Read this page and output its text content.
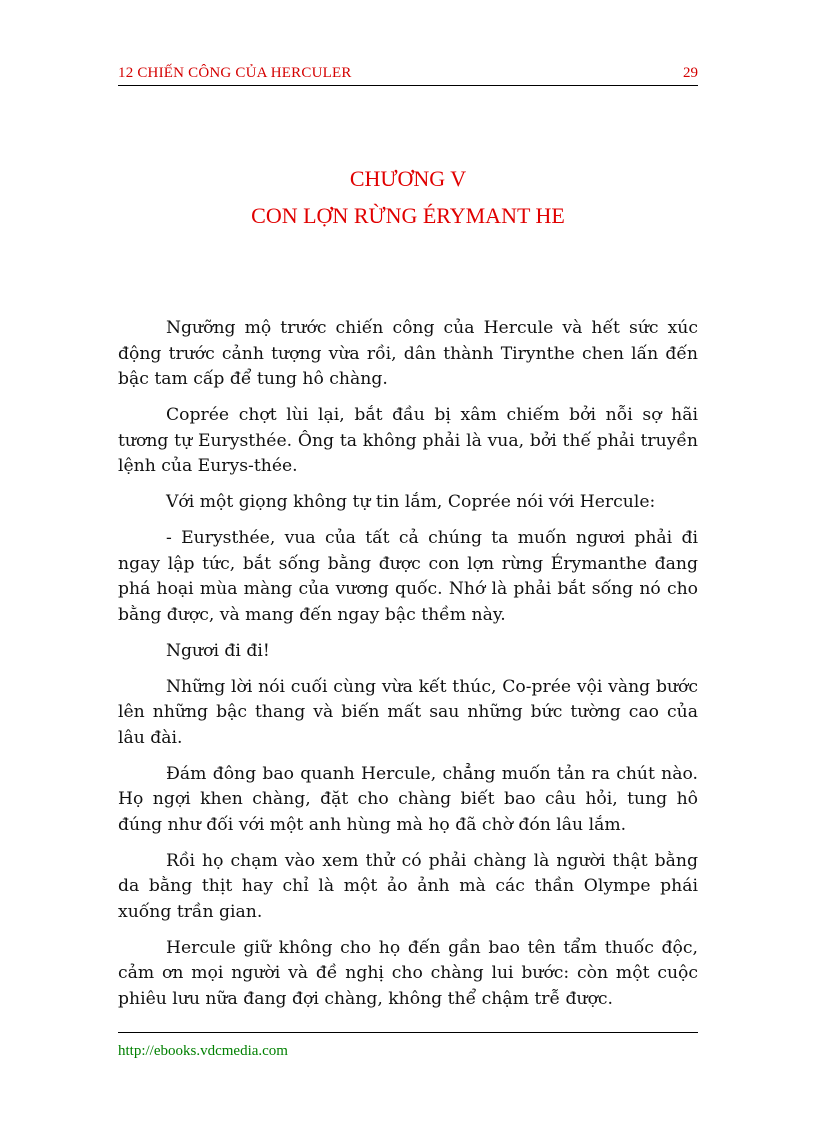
12 CHIẾN CÔNG CỦA HERCULER	29
CHƯƠNG V
CON LỢN RỪNG ÉRYMANT HE

Ngưỡng mộ trước chiến công của Hercule và hết sức xúc động trước cảnh tượng vừa rồi, dân thành Tirynthe chen lấn đến bậc tam cấp để tung hô chàng.

Coprée chợt lùi lại, bắt đầu bị xâm chiếm bởi nỗi sợ hãi tương tự Eurysthée. Ông ta không phải là vua, bởi thế phải truyền lệnh của Eurys-thée.

Với một giọng không tự tin lắm, Coprée nói với Hercule:

- Eurysthée, vua của tất cả chúng ta muốn ngươi phải đi ngay lập tức, bắt sống bằng được con lợn rừng Érymanthe đang phá hoại mùa màng của vương quốc. Nhớ là phải bắt sống nó cho bằng được, và mang đến ngay bậc thềm này.

Ngươi đi đi!

Những lời nói cuối cùng vừa kết thúc, Co-prée vội vàng bước lên những bậc thang và biến mất sau những bức tường cao của lâu đài.

Đám đông bao quanh Hercule, chẳng muốn tản ra chút nào. Họ ngợi khen chàng, đặt cho chàng biết bao câu hỏi, tung hô đúng như đối với một anh hùng mà họ đã chờ đón lâu lắm.

Rồi họ chạm vào xem thử có phải chàng là người thật bằng da bằng thịt hay chỉ là một ảo ảnh mà các thần Olympe phái xuống trần gian.

Hercule giữ không cho họ đến gần bao tên tẩm thuốc độc, cảm ơn mọi người và đề nghị cho chàng lui bước: còn một cuộc phiêu lưu nữa đang đợi chàng, không thể chậm trễ được.

http://ebooks.vdcmedia.com
